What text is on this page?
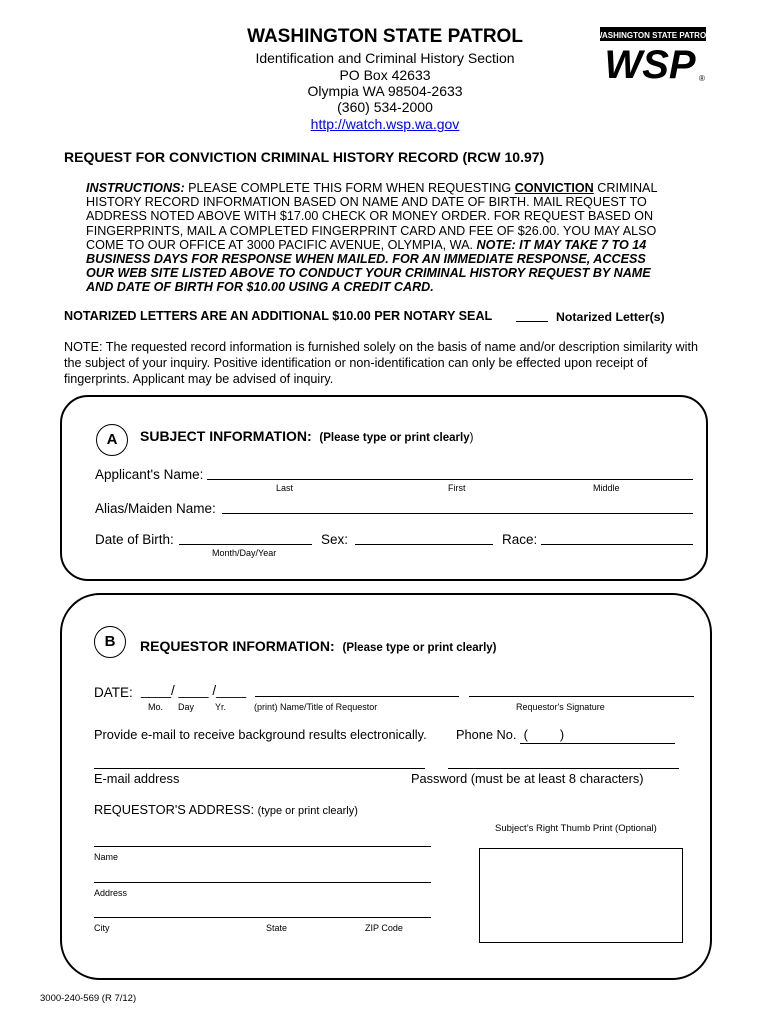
WASHINGTON STATE PATROL
Identification and Criminal History Section
PO Box 42633
Olympia WA 98504-2633
(360) 534-2000
http://watch.wsp.wa.gov
WASHINGTON STATE PATROL
WSP ®
REQUEST FOR CONVICTION CRIMINAL HISTORY RECORD (RCW 10.97)
INSTRUCTIONS: PLEASE COMPLETE THIS FORM WHEN REQUESTING CONVICTION CRIMINAL HISTORY RECORD INFORMATION BASED ON NAME AND DATE OF BIRTH. MAIL REQUEST TO ADDRESS NOTED ABOVE WITH $17.00 CHECK OR MONEY ORDER. FOR REQUEST BASED ON FINGERPRINTS, MAIL A COMPLETED FINGERPRINT CARD AND FEE OF $26.00. YOU MAY ALSO COME TO OUR OFFICE AT 3000 PACIFIC AVENUE, OLYMPIA, WA. NOTE: IT MAY TAKE 7 TO 14 BUSINESS DAYS FOR RESPONSE WHEN MAILED. FOR AN IMMEDIATE RESPONSE, ACCESS OUR WEB SITE LISTED ABOVE TO CONDUCT YOUR CRIMINAL HISTORY REQUEST BY NAME AND DATE OF BIRTH FOR $10.00 USING A CREDIT CARD.
NOTARIZED LETTERS ARE AN ADDITIONAL $10.00 PER NOTARY SEAL	Notarized Letter(s)
NOTE: The requested record information is furnished solely on the basis of name and/or description similarity with the subject of your inquiry. Positive identification or non-identification can only be effected upon receipt of fingerprints. Applicant may be advised of inquiry.
A	SUBJECT INFORMATION: (Please type or print clearly)
Applicant's Name:
Last	First	Middle
Alias/Maiden Name:
Date of Birth:
Month/Day/Year
Sex:	Race:
B	REQUESTOR INFORMATION: (Please type or print clearly)
DATE: ____/ ____ /____
Mo. Day Yr.	(print) Name/Title of Requestor	Requestor's Signature
Provide e-mail to receive background results electronically. Phone No.  (         )
E-mail address	Password (must be at least 8 characters)
REQUESTOR'S ADDRESS: (type or print clearly)
Subject’s Right Thumb Print (Optional)
Name
Address
City	State	ZIP Code
3000-240-569 (R 7/12)
